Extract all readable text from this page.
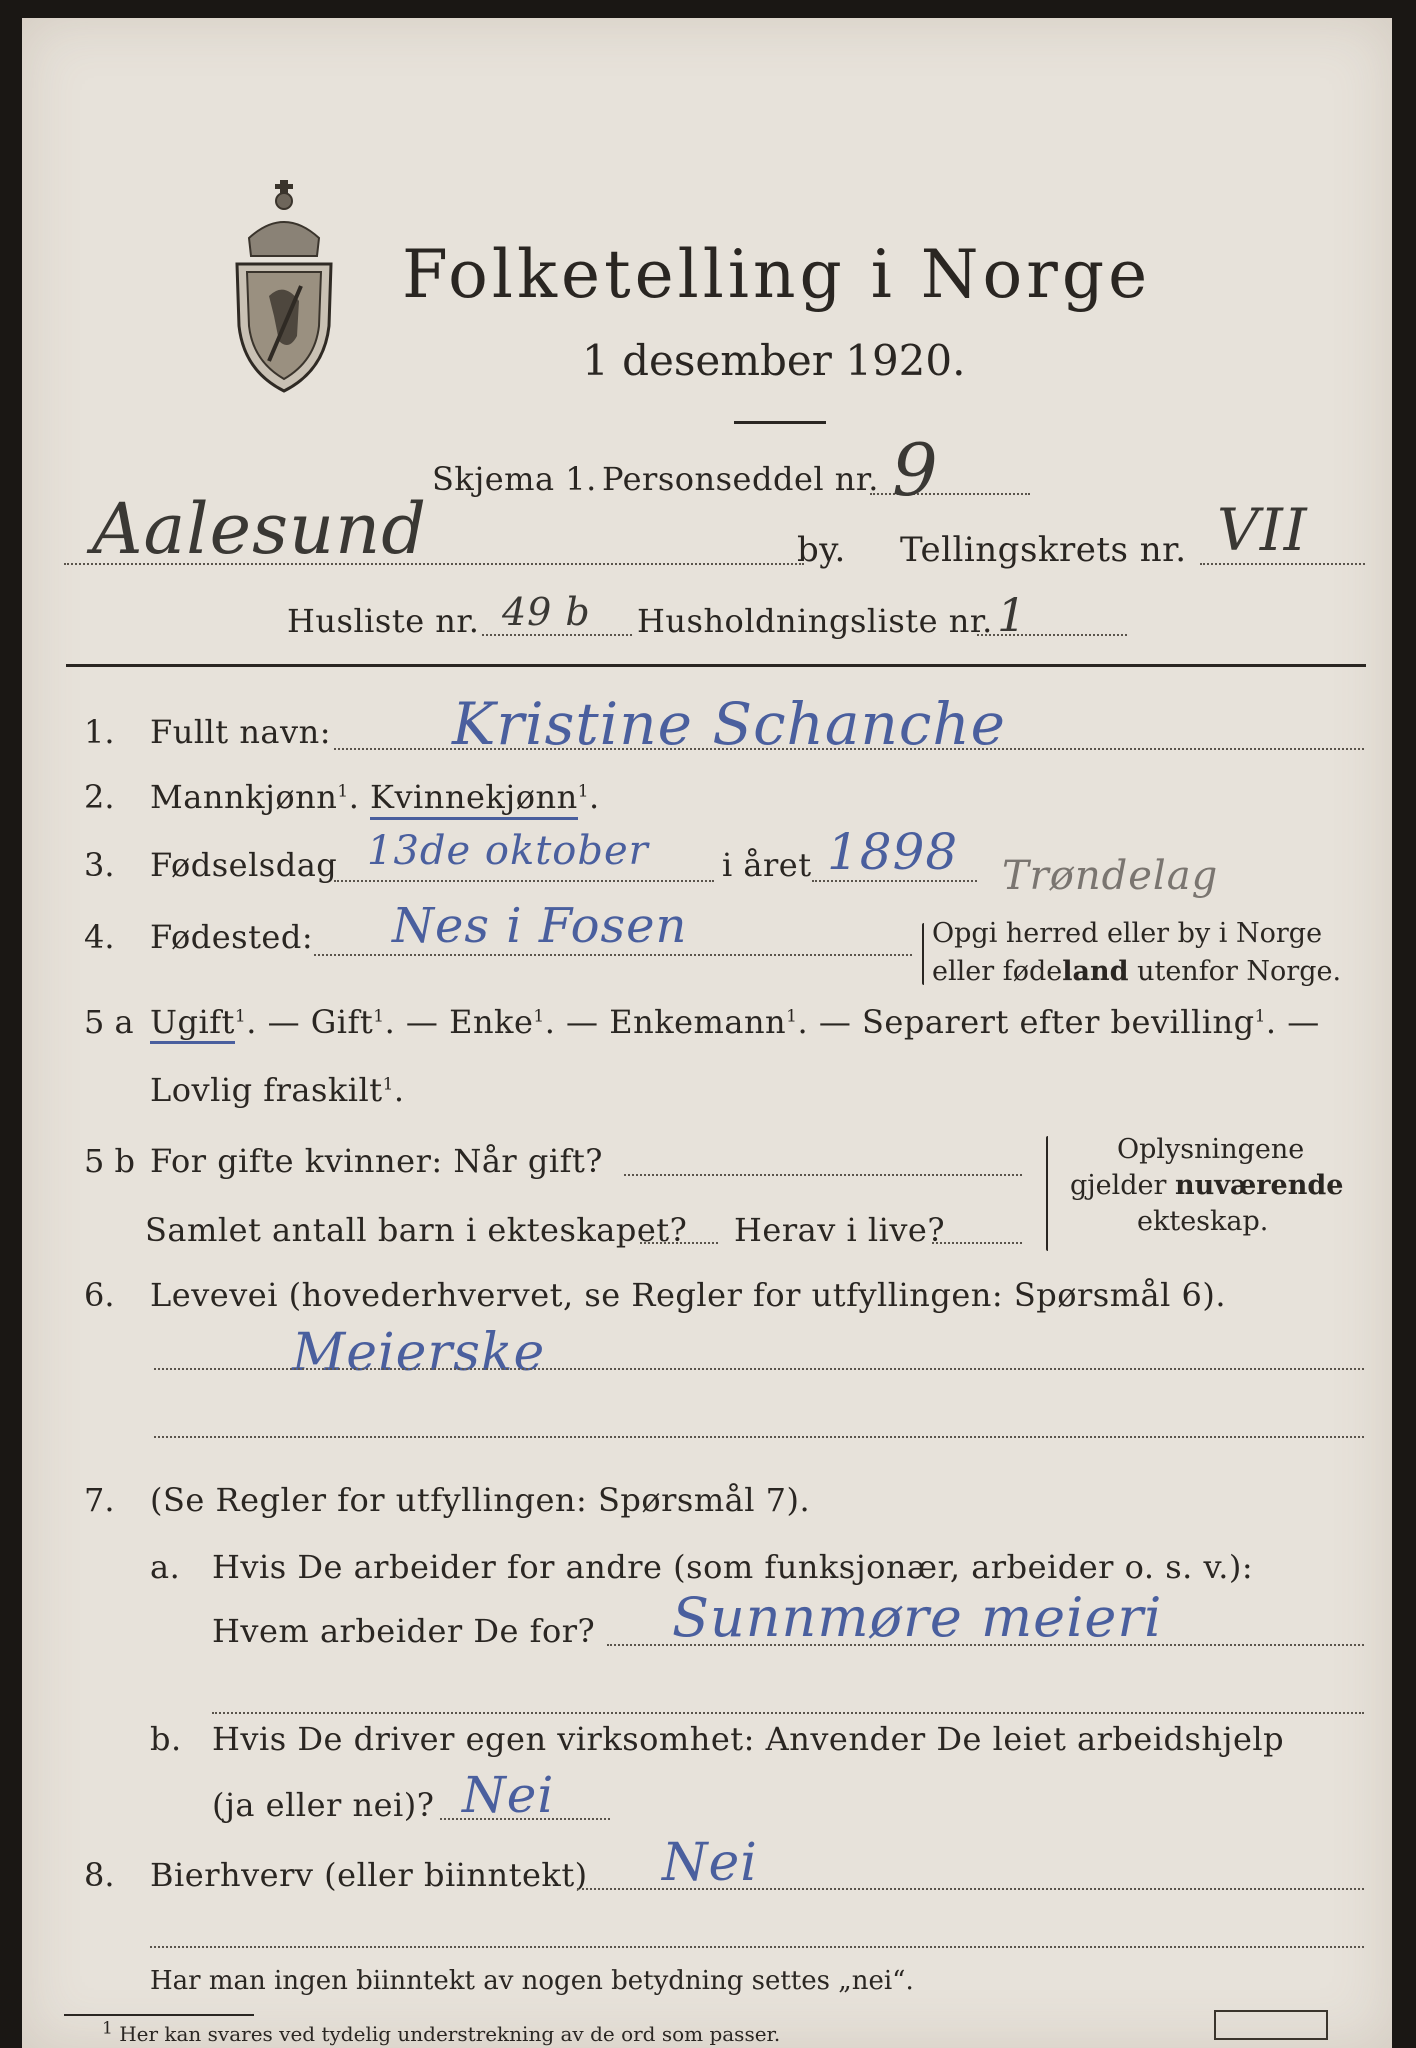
Folketelling i Norge
1 desember 1920.
Skjema 1. Personseddel nr. 9
Aalesund	by. Tellingskrets nr. VII
Husliste nr. 49 b Husholdningsliste nr. 1
1. Fullt navn: Kristine Schanche
2. Mannkjønn$^1$. Kvinnekjønn$^1$.
3. Fødselsdag 13de oktober i året 1898 Trøndelag
4. Fødested: Nes i Fosen	Opgi herred eller by i Norge
eller fødeland utenfor Norge.
5 a Ugift$^1$. — Gift$^1$. — Enke$^1$. — Enkemann$^1$. — Separert efter bevilling$^1$. —
Lovlig fraskilt$^1$.
5 b For gifte kvinner: Når gift?
Samlet antall barn i ekteskapet? Herav i live?
Oplysningene
gjelder nuværende
ekteskap.
6. Levevei (hovederhvervet, se Regler for utfyllingen: Spørsmål 6).
Meierske
7. (Se Regler for utfyllingen: Spørsmål 7).
a. Hvis De arbeider for andre (som funksjonær, arbeider o. s. v.):
Hvem arbeider De for? Sunnmøre meieri
b. Hvis De driver egen virksomhet: Anvender De leiet arbeidshjelp
(ja eller nei)? Nei
8. Bierhverv (eller biinntekt) Nei
Har man ingen biinntekt av nogen betydning settes „nei“.
$^1$ Her kan svares ved tydelig understrekning av de ord som passer.
